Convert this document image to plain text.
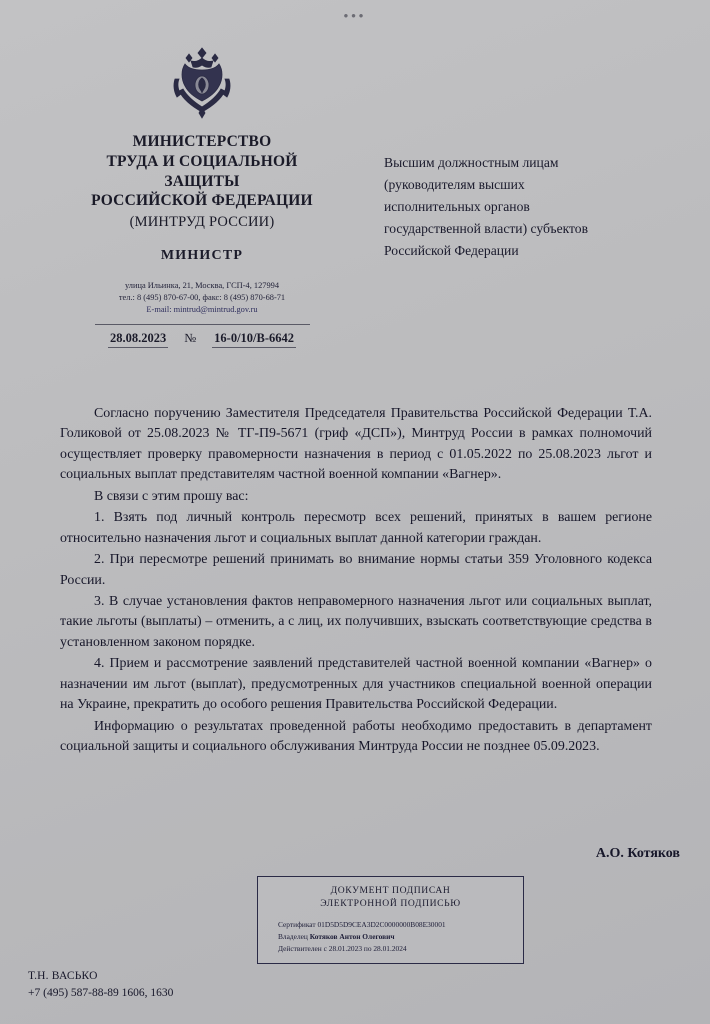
•••
МИНИСТЕРСТВО
ТРУДА И СОЦИАЛЬНОЙ
ЗАЩИТЫ
РОССИЙСКОЙ ФЕДЕРАЦИИ
(МИНТРУД РОССИИ)
МИНИСТР
улица Ильинка, 21, Москва, ГСП-4, 127994
тел.: 8 (495) 870-67-00, факс: 8 (495) 870-68-71
E-mail: mintrud@mintrud.gov.ru
28.08.2023 № 16-0/10/В-6642
Высшим должностным лицам
(руководителям высших
исполнительных органов
государственной власти) субъектов
Российской Федерации

Согласно поручению Заместителя Председателя Правительства Российской Федерации Т.А. Голиковой от 25.08.2023 № ТГ-П9-5671 (гриф «ДСП»), Минтруд России в рамках полномочий осуществляет проверку правомерности назначения в период с 01.05.2022 по 25.08.2023 льгот и социальных выплат представителям частной военной компании «Вагнер».

В связи с этим прошу вас:

1. Взять под личный контроль пересмотр всех решений, принятых в вашем регионе относительно назначения льгот и социальных выплат данной категории граждан.

2. При пересмотре решений принимать во внимание нормы статьи 359 Уголовного кодекса России.

3. В случае установления фактов неправомерного назначения льгот или социальных выплат, такие льготы (выплаты) – отменить, а с лиц, их получивших, взыскать соответствующие средства в установленном законом порядке.

4. Прием и рассмотрение заявлений представителей частной военной компании «Вагнер» о назначении им льгот (выплат), предусмотренных для участников специальной военной операции на Украине, прекратить до особого решения Правительства Российской Федерации.

Информацию о результатах проведенной работы необходимо предоставить в департамент социальной защиты и социального обслуживания Минтруда России не позднее 05.09.2023.

А.О. Котяков
ДОКУМЕНТ ПОДПИСАН
ЭЛЕКТРОННОЙ ПОДПИСЬЮ
Сертификат 01D5D5D9CEA3D2C0000000B08E30001
Владелец Котяков Антон Олегович
Действителен с 28.01.2023 по 28.01.2024
Т.Н. ВАСЬКО
+7 (495) 587-88-89 1606, 1630
